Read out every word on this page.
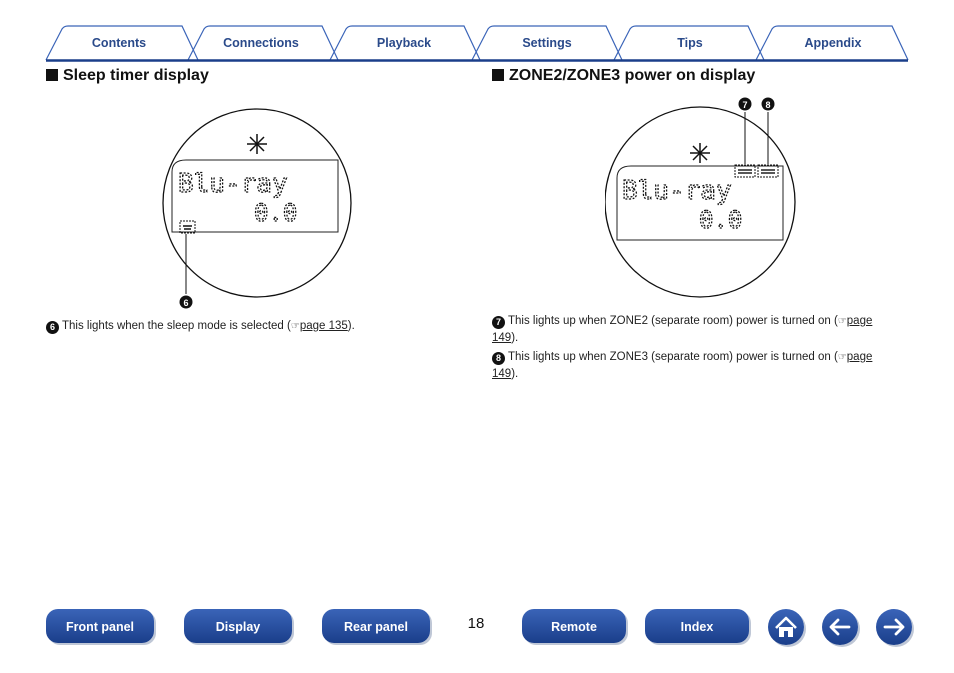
Contents	Connections	Playback	Settings	Tips	Appendix
Sleep timer display	ZONE2/ZONE3 power on display
Blu-ray
0.0
6
7 8
Blu-ray
0.0
6 This lights when the sleep mode is selected (☞page 135).	7 This lights up when ZONE2 (separate room) power is turned on (☞page 149).
8 This lights up when ZONE3 (separate room) power is turned on (☞page 149).
Front panel	Display	Rear panel	18	Remote	Index
